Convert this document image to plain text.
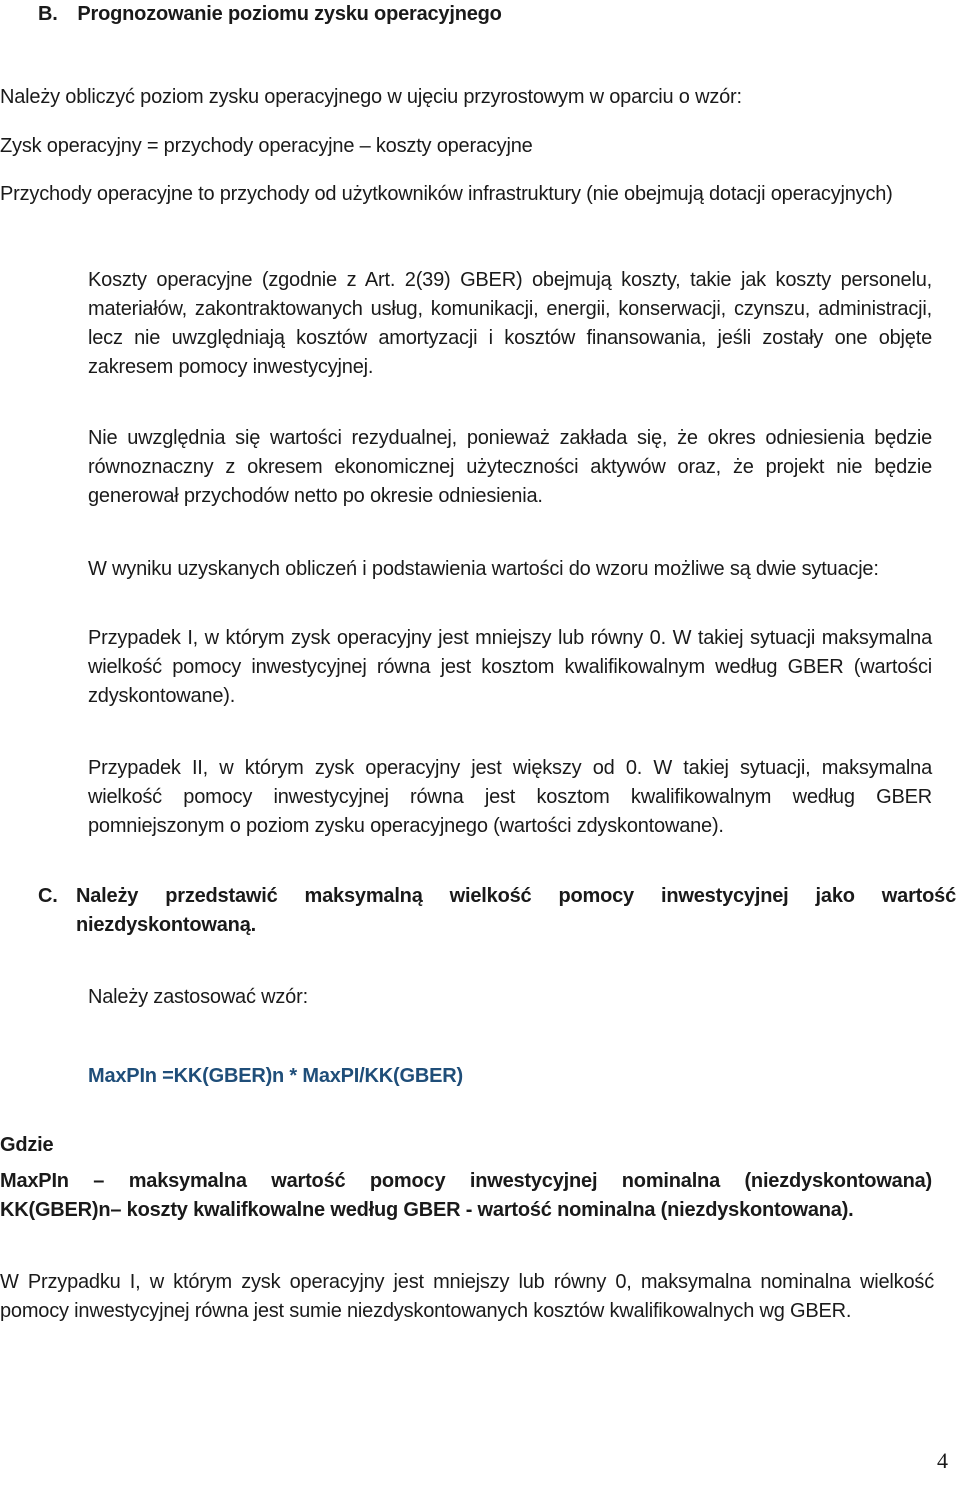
B. Prognozowanie poziomu zysku operacyjnego

Należy obliczyć poziom zysku operacyjnego w ujęciu przyrostowym w oparciu o wzór:

Zysk operacyjny = przychody operacyjne – koszty operacyjne

Przychody operacyjne to przychody od użytkowników infrastruktury (nie obejmują dotacji operacyjnych)

Koszty operacyjne (zgodnie z Art. 2(39) GBER) obejmują koszty, takie jak koszty personelu, materiałów, zakontraktowanych usług, komunikacji, energii, konserwacji, czynszu, administracji, lecz nie uwzględniają kosztów amortyzacji i kosztów finansowania, jeśli zostały one objęte zakresem pomocy inwestycyjnej.

Nie uwzględnia się wartości rezydualnej, ponieważ zakłada się, że okres odniesienia będzie równoznaczny z okresem ekonomicznej użyteczności aktywów oraz, że projekt nie będzie generował przychodów netto po okresie odniesienia.

W wyniku uzyskanych obliczeń i podstawienia wartości do wzoru możliwe są dwie sytuacje:

Przypadek I, w którym zysk operacyjny jest mniejszy lub równy 0. W takiej sytuacji maksymalna wielkość pomocy inwestycyjnej równa jest kosztom kwalifikowalnym według GBER (wartości zdyskontowane).

Przypadek II, w którym zysk operacyjny jest większy od 0. W takiej sytuacji, maksymalna wielkość pomocy inwestycyjnej równa jest kosztom kwalifikowalnym według GBER pomniejszonym o poziom zysku operacyjnego (wartości zdyskontowane).

C. Należy przedstawić maksymalną wielkość pomocy inwestycyjnej jako wartość
niezdyskontowaną.

Należy zastosować wzór:

MaxPIn =KK(GBER)n * MaxPI/KK(GBER)

Gdzie

MaxPIn – maksymalna wartość pomocy inwestycyjnej nominalna (niezdyskontowana)
KK(GBER)n– koszty kwalifkowalne według GBER - wartość nominalna (niezdyskontowana).

W Przypadku I, w którym zysk operacyjny jest mniejszy lub równy 0, maksymalna nominalna wielkość pomocy inwestycyjnej równa jest sumie niezdyskontowanych kosztów kwalifikowalnych wg GBER.

4
